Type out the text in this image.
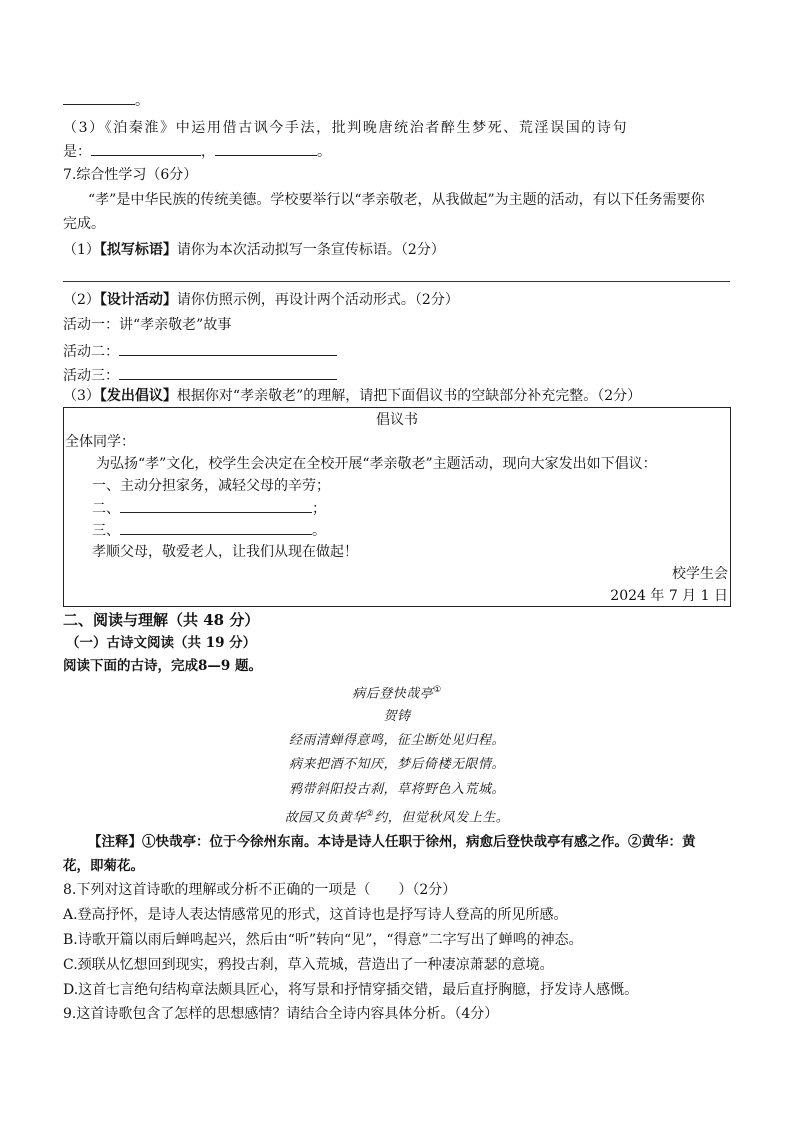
。
（3）《泊秦淮》中运用借古讽今手法，批判晚唐统治者醉生梦死、荒淫误国的诗句
是：	，	。
7.综合性学习（6分）
“孝”是中华民族的传统美德。学校要举行以“孝亲敬老，从我做起”为主题的活动，有以下任务需要你
完成。
（1）【拟写标语】请你为本次活动拟写一条宣传标语。（2分）
（2）【设计活动】请你仿照示例，再设计两个活动形式。（2分）
活动一：讲“孝亲敬老”故事
活动二：
活动三：
（3）【发出倡议】根据你对“孝亲敬老”的理解，请把下面倡议书的空缺部分补充完整。（2分）
倡议书
全体同学：
为弘扬“孝”文化，校学生会决定在全校开展“孝亲敬老”主题活动，现向大家发出如下倡议：
一、主动分担家务，减轻父母的辛劳；
二、	；
三、	。
孝顺父母，敬爱老人，让我们从现在做起！
校学生会
2024 年 7 月 1 日
二、阅读与理解（共 48 分）
（一）古诗文阅读（共 19 分）
阅读下面的古诗，完成8—9 题。
病后登快哉亭①
贺铸
经雨清蝉得意鸣，征尘断处见归程。
病来把酒不知厌，梦后倚楼无限情。
鸦带斜阳投古刹，草将野色入荒城。
故园又负黄华②约，但觉秋风发上生。
【注释】①快哉亭：位于今徐州东南。本诗是诗人任职于徐州，病愈后登快哉亭有感之作。②黄华：黄
花，即菊花。
8.下列对这首诗歌的理解或分析不正确的一项是（　　）（2分）
A.登高抒怀，是诗人表达情感常见的形式，这首诗也是抒写诗人登高的所见所感。
B.诗歌开篇以雨后蝉鸣起兴，然后由“听”转向“见”，“得意”二字写出了蝉鸣的神态。
C.颈联从忆想回到现实，鸦投古刹，草入荒城，营造出了一种凄凉萧瑟的意境。
D.这首七言绝句结构章法颇具匠心，将写景和抒情穿插交错，最后直抒胸臆，抒发诗人感慨。
9.这首诗歌包含了怎样的思想感情？请结合全诗内容具体分析。（4分）
